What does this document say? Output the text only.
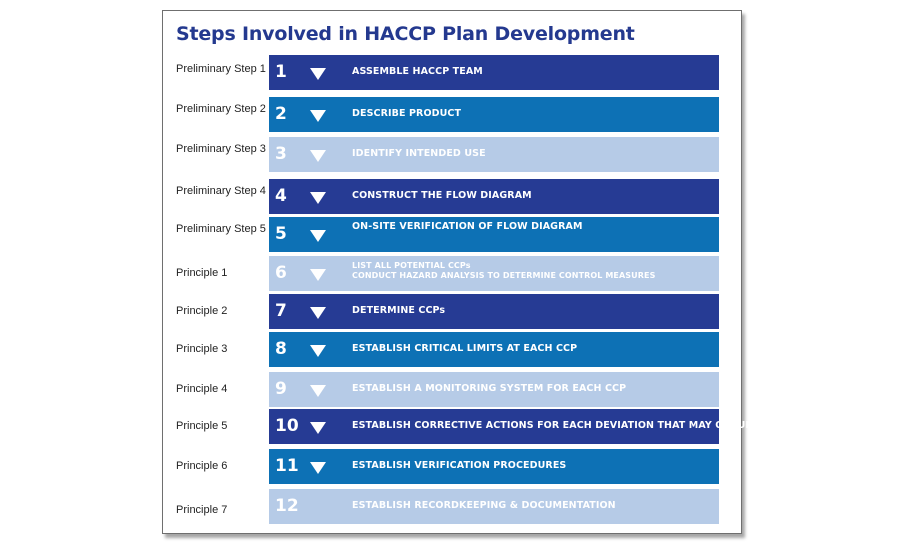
Steps Involved in HACCP Plan Development
Preliminary Step 1 1	ASSEMBLE HACCP TEAM
Preliminary Step 2 2	DESCRIBE PRODUCT
Preliminary Step 3 3	IDENTIFY INTENDED USE
Preliminary Step 4 4	CONSTRUCT THE FLOW DIAGRAM
Preliminary Step 5 5	ON-SITE VERIFICATION OF FLOW DIAGRAM
Principle 1	6	LIST ALL POTENTIAL CCPs
CONDUCT HAZARD ANALYSIS TO DETERMINE CONTROL MEASURES
Principle 2	7	DETERMINE CCPs
Principle 3	8	ESTABLISH CRITICAL LIMITS AT EACH CCP
Principle 4	9	ESTABLISH A MONITORING SYSTEM FOR EACH CCP
Principle 5	10	ESTABLISH CORRECTIVE ACTIONS FOR EACH DEVIATION THAT MAY OCCUR
Principle 6	11	ESTABLISH VERIFICATION PROCEDURES
Principle 7	12	ESTABLISH RECORDKEEPING & DOCUMENTATION
